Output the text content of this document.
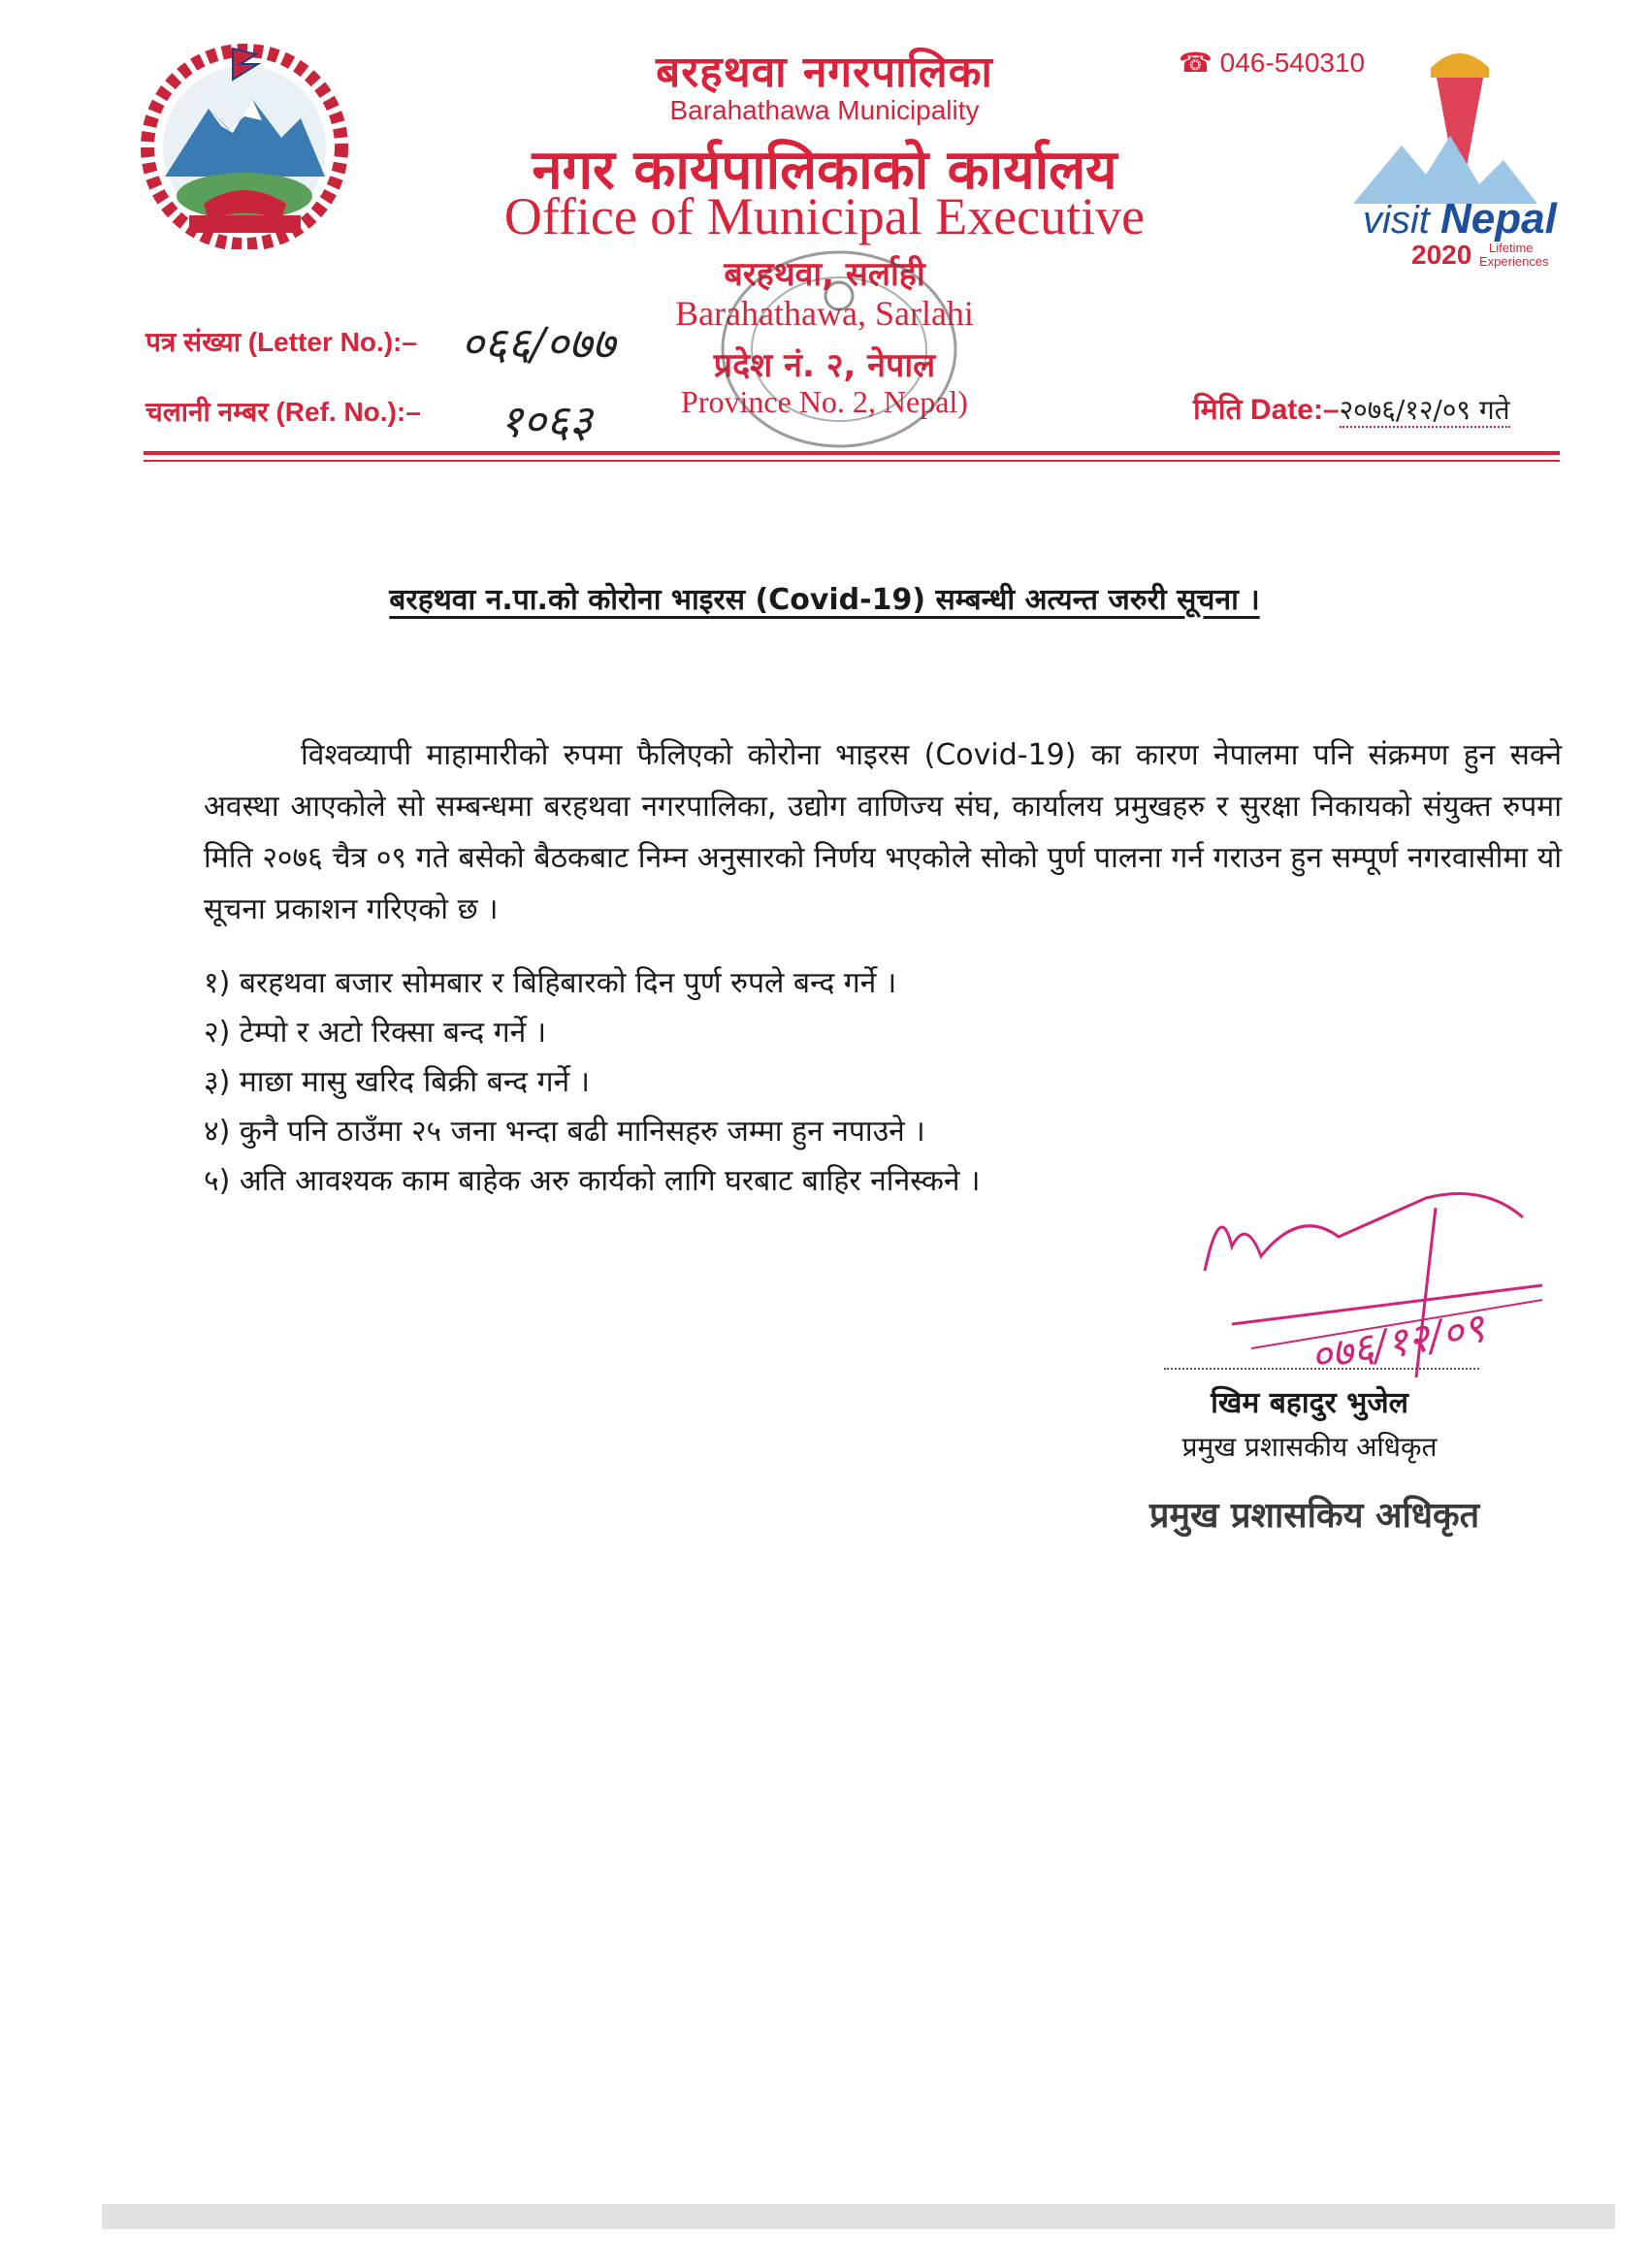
बरहथवा नगरपालिका
Barahathawa Municipality
नगर कार्यपालिकाको कार्यालय
Office of Municipal Executive
बरहथवा, सर्लाही
Barahathawa, Sarlahi
प्रदेश नं. २, नेपाल
Province No. 2, Nepal)
☎ 046-540310
visit Nepal
2020 Lifetime
Experiences
पत्र संख्या (Letter No.):– ०६६/०७७
चलानी नम्बर (Ref. No.):– १०६३	मिति Date:–२०७६/१२/०९ गते
बरहथवा न.पा.को कोरोना भाइरस (Covid-19) सम्बन्धी अत्यन्त जरुरी सूचना ।
विश्वव्यापी माहामारीको रुपमा फैलिएको कोरोना भाइरस (Covid-19) का कारण नेपालमा पनि संक्रमण हुन सक्ने अवस्था आएकोले सो सम्बन्धमा बरहथवा नगरपालिका, उद्योग वाणिज्य संघ, कार्यालय प्रमुखहरु र सुरक्षा निकायको संयुक्त रुपमा मिति २०७६ चैत्र ०९ गते बसेको बैठकबाट निम्न अनुसारको निर्णय भएकोले सोको पुर्ण पालना गर्न गराउन हुन सम्पूर्ण नगरवासीमा यो सूचना प्रकाशन गरिएको छ ।
१) बरहथवा बजार सोमबार र बिहिबारको दिन पुर्ण रुपले बन्द गर्ने ।
२) टेम्पो र अटो रिक्सा बन्द गर्ने ।
३) माछा मासु खरिद बिक्री बन्द गर्ने ।
४) कुनै पनि ठाउँमा २५ जना भन्दा बढी मानिसहरु जम्मा हुन नपाउने ।
५) अति आवश्यक काम बाहेक अरु कार्यको लागि घरबाट बाहिर ननिस्कने ।
०७६/१२/०९
खिम बहादुर भुजेल
प्रमुख प्रशासकीय अधिकृत
प्रमुख प्रशासकिय अधिकृत
